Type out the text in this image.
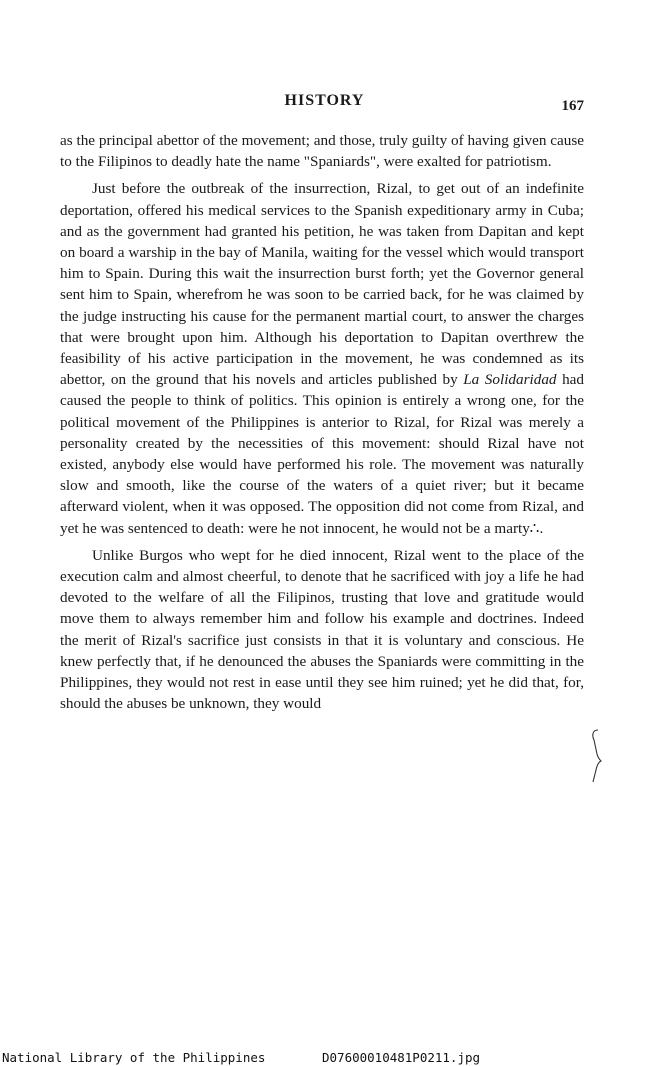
HISTORY	167

as the principal abettor of the movement; and those, truly guilty of having given cause to the Filipinos to deadly hate the name "Spaniards", were exalted for patriotism.

Just before the outbreak of the insurrection, Rizal, to get out of an indefinite deportation, offered his medical services to the Spanish expeditionary army in Cuba; and as the government had granted his petition, he was taken from Dapitan and kept on board a warship in the bay of Manila, waiting for the vessel which would transport him to Spain. During this wait the insurrection burst forth; yet the Governor general sent him to Spain, wherefrom he was soon to be carried back, for he was claimed by the judge instructing his cause for the permanent martial court, to answer the charges that were brought upon him. Although his deportation to Dapitan overthrew the feasibility of his active participation in the movement, he was condemned as its abettor, on the ground that his novels and articles published by La Solidaridad had caused the people to think of politics. This opinion is entirely a wrong one, for the political movement of the Philippines is anterior to Rizal, for Rizal was merely a personality created by the necessities of this movement: should Rizal have not existed, anybody else would have performed his role. The movement was naturally slow and smooth, like the course of the waters of a quiet river; but it became afterward violent, when it was opposed. The opposition did not come from Rizal, and yet he was sentenced to death: were he not innocent, he would not be a marty∴.

Unlike Burgos who wept for he died innocent, Rizal went to the place of the execution calm and almost cheerful, to denote that he sacrificed with joy a life he had devoted to the welfare of all the Filipinos, trusting that love and gratitude would move them to always remember him and follow his example and doctrines. Indeed the merit of Rizal's sacrifice just consists in that it is voluntary and conscious. He knew perfectly that, if he denounced the abuses the Spaniards were committing in the Philippines, they would not rest in ease until they see him ruined; yet he did that, for, should the abuses be unknown, they would

National Library of the Philippines	D07600010481P0211.jpg
